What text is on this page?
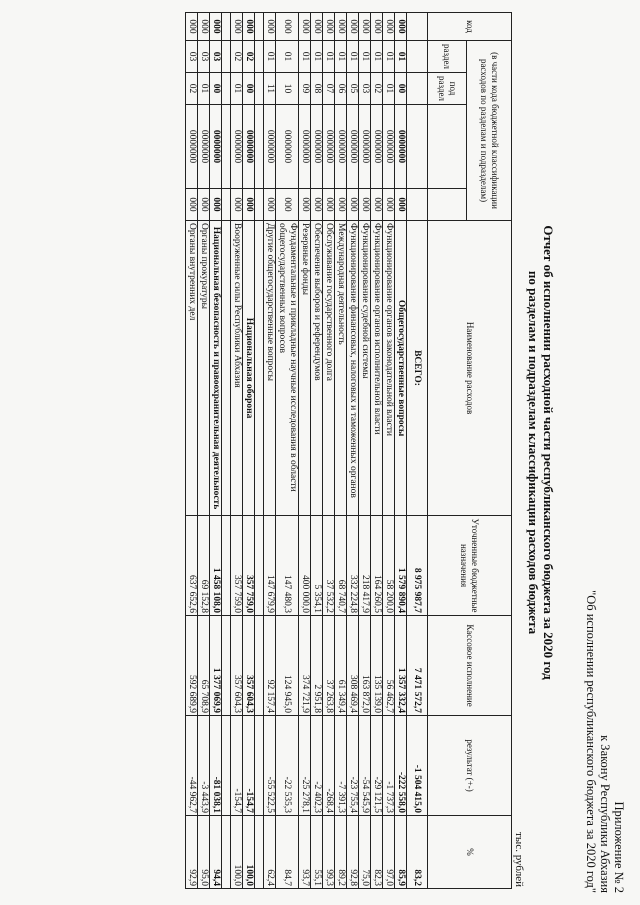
Приложение № 2
к Закону Республики Абхазия
"Об исполнении республиканского бюджета за 2020 год"
Отчет об исполнении расходной части республиканского бюджета за 2020 год
по разделам и подразделам классификации расходов бюджета
тыс. рублей
код	(в части кода бюджетной классификации расходов по разделам и подразделам)				Наименование расходов	Уточненные бюджетные назначения	Кассовое исполнение	результат (+-)	%
	раздел	под раздел							
					ВСЕГО:	8 975 987,7	7 471 572,7	-1 504 415,0	83,2
000	01	00	0000000	000	Общегосударственные вопросы	1 579 890,4	1 357 332,4	-222 558,0	85,9
000	01	01	0000000	000	Функционирование органов законодательной власти	58 200,0	56 462,7	-1 737,3	97,0
000	01	02	0000000	000	Функционирование органов исполнительной власти	164 260,5	135 139,0	-29 121,5	82,3
000	01	03	0000000	000	Функционирование судебной системы	218 417,9	163 872,0	-54 545,9	75,0
000	01	05	0000000	000	Функционирование финансовых, налоговых и таможенных органов	332 224,8	308 469,4	-23 755,4	92,8
000	01	06	0000000	000	Международная деятельность	68 740,7	61 349,4	-7 391,3	89,2
000	01	07	0000000	000	Обслуживание государственного долга	37 532,2	37 263,8	-268,4	99,3
000	01	08	0000000	000	Обеспечение выборов и референдумов	5 354,1	2 951,8	-2 402,3	55,1
000	01	09	0000000	000	Резервные фонды	400 000,0	374 721,9	-25 278,1	93,7
000	01	10	0000000	000	Фундаментальные и прикладные научные исследования в области общегосударственных вопросов	147 480,3	124 945,0	-22 535,3	84,7
000	01	11	0000000	000	Другие общегосударственные вопросы	147 679,9	92 157,4	-55 522,5	62,4

000	02	00	0000000	000	Национальная оборона	357 759,0	357 604,3	-154,7	100,0
000	02	01	0000000	000	Вооруженные силы Республики Абхазия	357 759,0	357 604,3	-154,7	100,0

000	03	00	0000000	000	Национальная безопасность и правоохранительная деятельность	1 458 108,0	1 377 069,9	-81 038,1	94,4
000	03	01	0000000	000	Органы прокуратуры	69 152,8	65 708,9	-3 443,9	95,0
000	03	02	0000000	000	Органы внутренних дел	637 652,6	592 689,9	-44 962,7	92,9
